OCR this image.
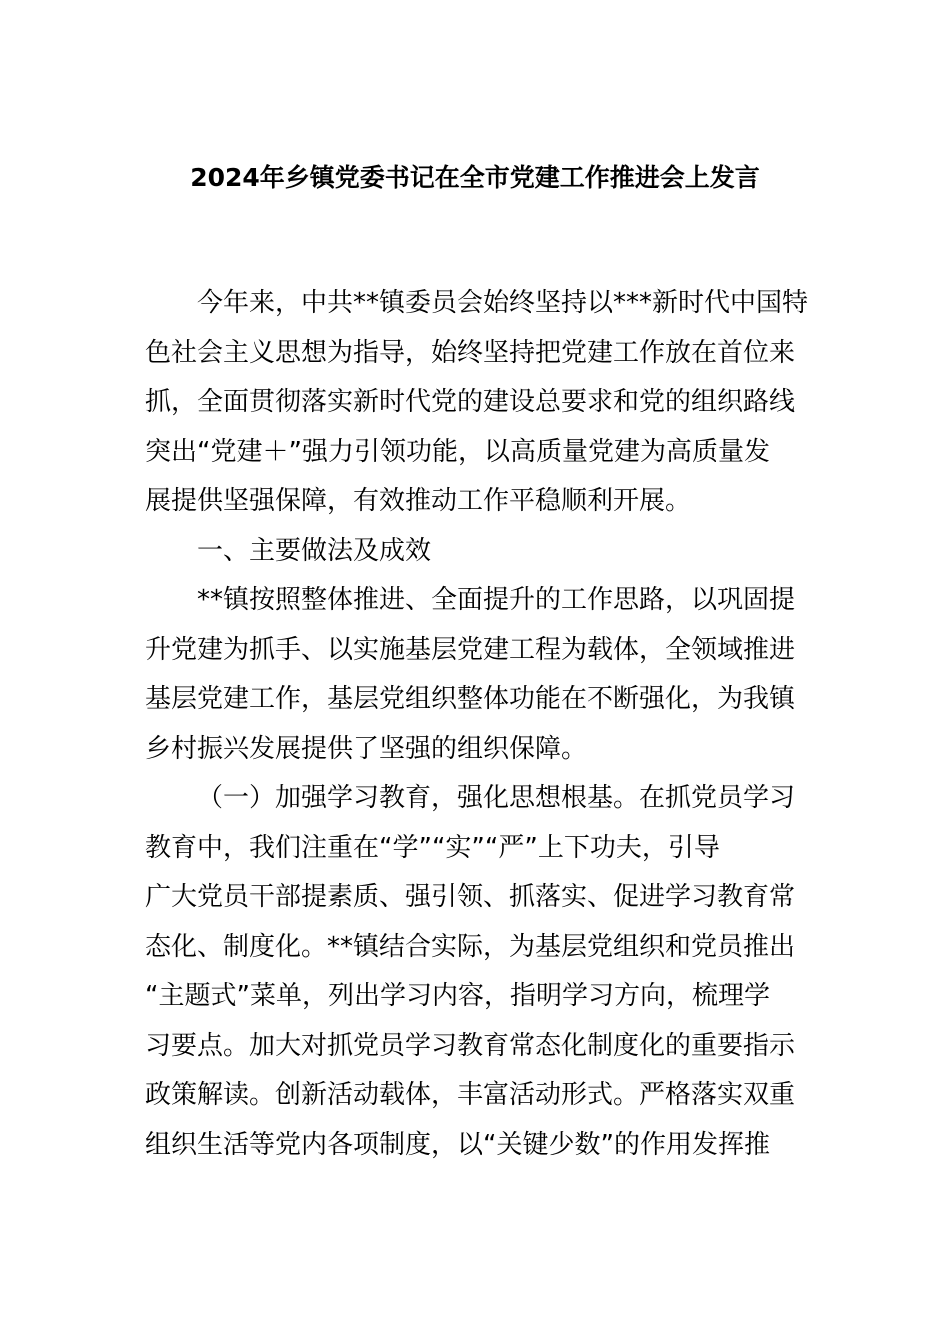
2024年乡镇党委书记在全市党建工作推进会上发言
今年来，中共**镇委员会始终坚持以***新时代中国特
色社会主义思想为指导，始终坚持把党建工作放在首位来
抓，全面贯彻落实新时代党的建设总要求和党的组织路线
突出“党建＋”强力引领功能，以高质量党建为高质量发
展提供坚强保障，有效推动工作平稳顺利开展。
一、主要做法及成效
**镇按照整体推进、全面提升的工作思路，以巩固提
升党建为抓手、以实施基层党建工程为载体，全领域推进
基层党建工作，基层党组织整体功能在不断强化，为我镇
乡村振兴发展提供了坚强的组织保障。
（一）加强学习教育，强化思想根基。在抓党员学习
教育中，我们注重在“学”“实”“严”上下功夫，引导
广大党员干部提素质、强引领、抓落实、促进学习教育常
态化、制度化。**镇结合实际，为基层党组织和党员推出
“主题式”菜单，列出学习内容，指明学习方向，梳理学
习要点。加大对抓党员学习教育常态化制度化的重要指示
政策解读。创新活动载体，丰富活动形式。严格落实双重
组织生活等党内各项制度，以“关键少数”的作用发挥推
